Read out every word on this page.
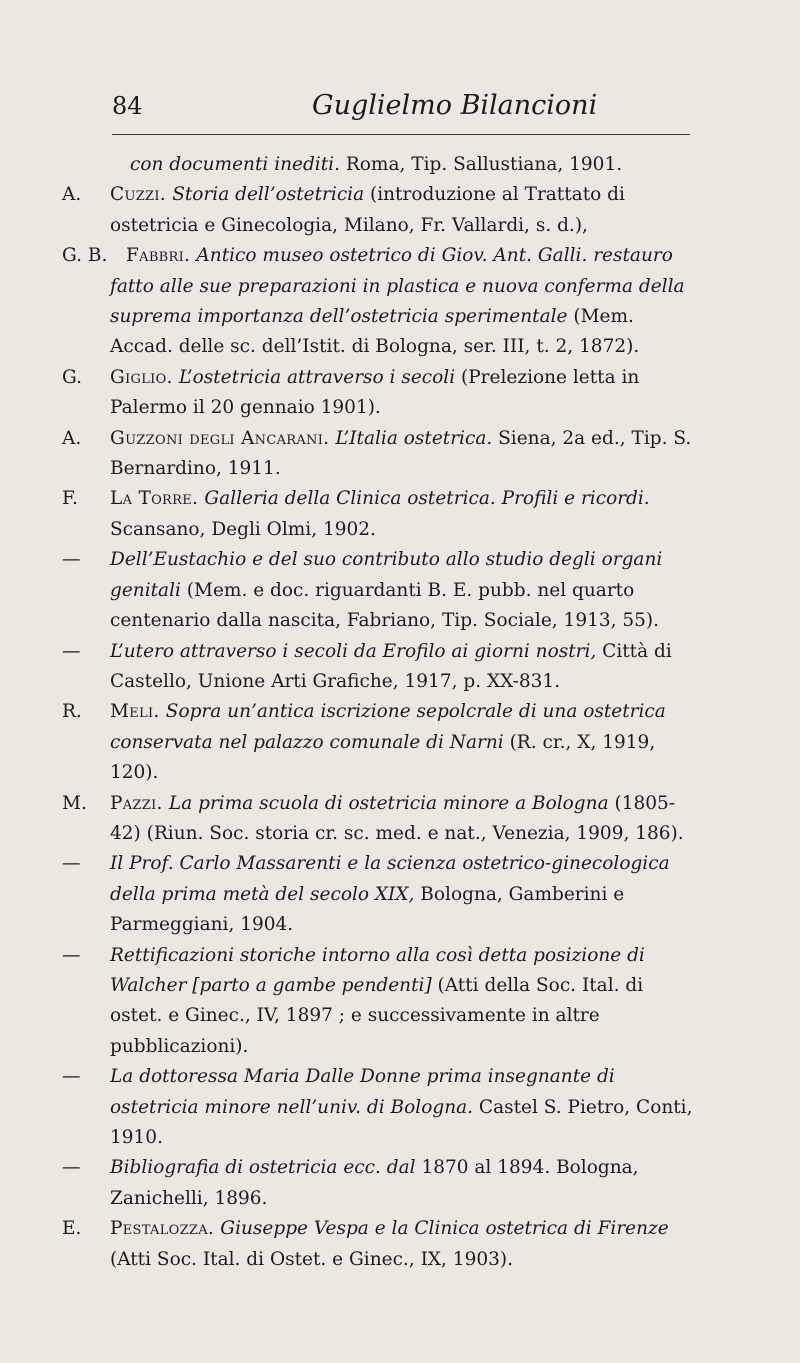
84	Guglielmo Bilancioni

con documenti inediti. Roma, Tip. Sallustiana, 1901.

A.	Cuzzi. Storia dell’ostetricia (introduzione al Trattato di ostetricia e Ginecologia, Milano, Fr. Vallardi, s. d.),

G. B. Fabbri. Antico museo ostetrico di Giov. Ant. Galli. restauro fatto alle sue preparazioni in plastica e nuova conferma della suprema importanza dell’ostetricia sperimentale (Mem. Accad. delle sc. dell’Istit. di Bologna, ser. III, t. 2, 1872).

G.	Giglio. L’ostetricia attraverso i secoli (Prelezione letta in Palermo il 20 gennaio 1901).

A.	Guzzoni degli Ancarani. L’Italia ostetrica. Siena, 2a ed., Tip. S. Bernardino, 1911.

F.	La Torre. Galleria della Clinica ostetrica. Profili e ricordi. Scansano, Degli Olmi, 1902.

—	Dell’Eustachio e del suo contributo allo studio degli organi genitali (Mem. e doc. riguardanti B. E. pubb. nel quarto centenario dalla nascita, Fabriano, Tip. Sociale, 1913, 55).

—	L’utero attraverso i secoli da Erofilo ai giorni nostri, Città di Castello, Unione Arti Grafiche, 1917, p. XX-831.

R.	Meli. Sopra un’antica iscrizione sepolcrale di una ostetrica conservata nel palazzo comunale di Narni (R. cr., X, 1919, 120).

M.	Pazzi. La prima scuola di ostetricia minore a Bologna (1805-42) (Riun. Soc. storia cr. sc. med. e nat., Venezia, 1909, 186).

—	Il Prof. Carlo Massarenti e la scienza ostetrico-ginecologica della prima metà del secolo XIX, Bologna, Gamberini e Parmeggiani, 1904.

—	Rettificazioni storiche intorno alla così detta posizione di Walcher [parto a gambe pendenti] (Atti della Soc. Ital. di ostet. e Ginec., IV, 1897 ; e successivamente in altre pubblicazioni).

—	La dottoressa Maria Dalle Donne prima insegnante di ostetricia minore nell’univ. di Bologna. Castel S. Pietro, Conti, 1910.

—	Bibliografia di ostetricia ecc. dal 1870 al 1894. Bologna, Zanichelli, 1896.

E.	Pestalozza. Giuseppe Vespa e la Clinica ostetrica di Firenze (Atti Soc. Ital. di Ostet. e Ginec., IX, 1903).
